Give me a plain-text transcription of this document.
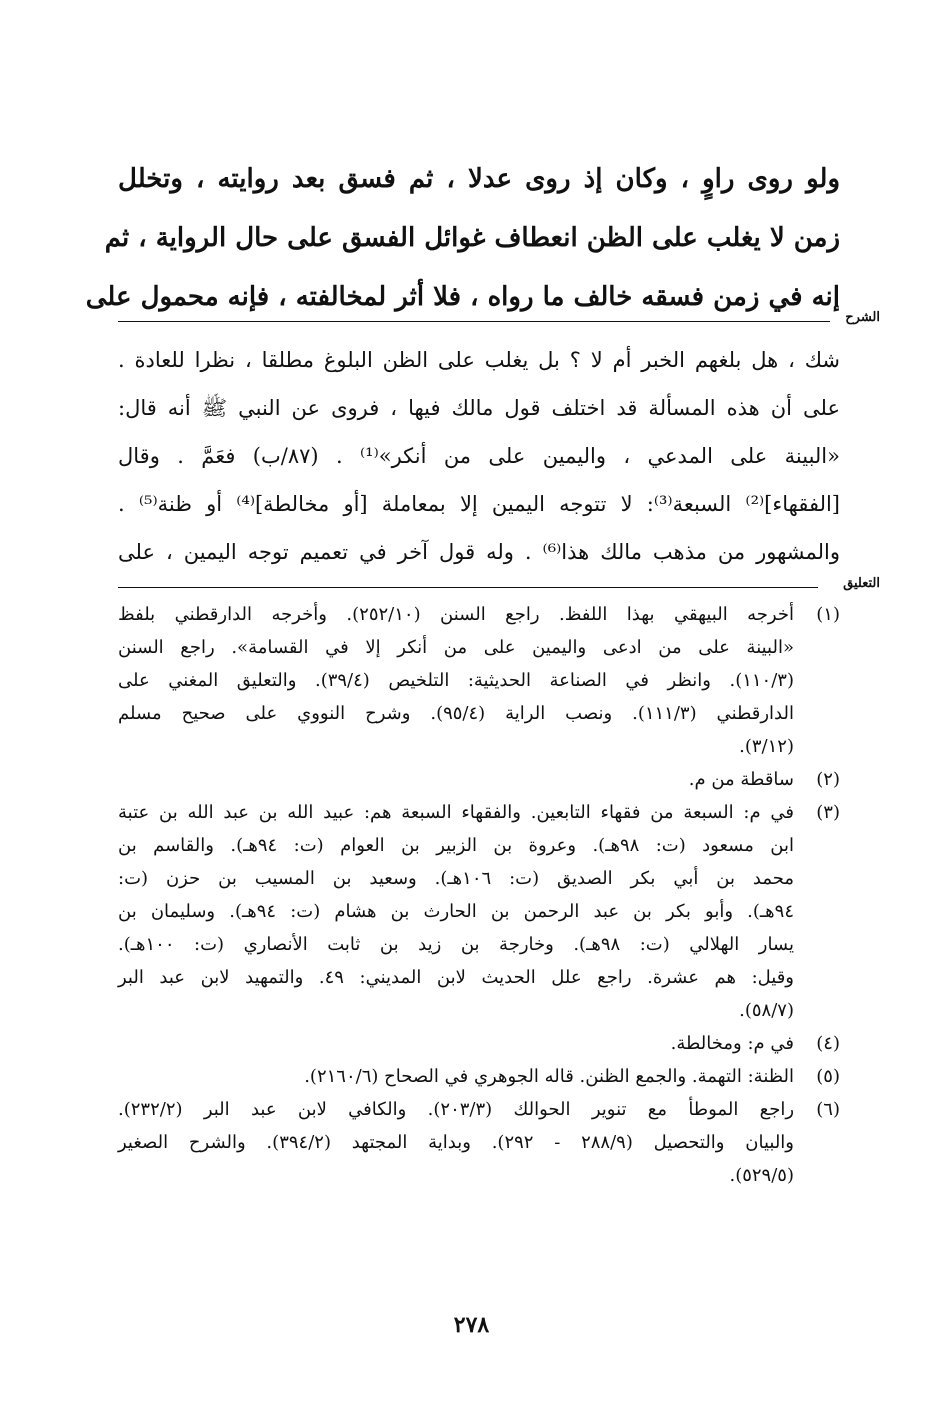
ولو روى راوٍ ، وكان إذ روى عدلا ، ثم فسق بعد روايته ، وتخلل
زمن لا يغلب على الظن انعطاف غوائل الفسق على حال الرواية ، ثم
إنه في زمن فسقه خالف ما رواه ، فلا أثر لمخالفته ، فإنه محمول على
الشرح
شك ، هل بلغهم الخبر أم لا ؟ بل يغلب على الظن البلوغ مطلقا ، نظرا للعادة .
على أن هذه المسألة قد اختلف قول مالك فيها ، فروى عن النبي ﷺ أنه قال:
«البينة على المدعي ، واليمين على من أنكر»⁽¹⁾ . (٨٧/ب) فعَمَّ . وقال
[الفقهاء]⁽²⁾ السبعة⁽³⁾: لا تتوجه اليمين إلا بمعاملة [أو مخالطة]⁽⁴⁾ أو ظنة⁽⁵⁾ .
والمشهور من مذهب مالك هذا⁽⁶⁾ . وله قول آخر في تعميم توجه اليمين ، على
التعليق
(١)
أخرجه البيهقي بهذا اللفظ. راجع السنن (٢٥٢/١٠). وأخرجه الدارقطني بلفظ
«البينة على من ادعى واليمين على من أنكر إلا في القسامة». راجع السنن
(١١٠/٣). وانظر في الصناعة الحديثية: التلخيص (٣٩/٤). والتعليق المغني على
الدارقطني (١١١/٣). ونصب الراية (٩٥/٤). وشرح النووي على صحيح مسلم
(٣/١٢).
(٢)
ساقطة من م.
(٣)
في م: السبعة من فقهاء التابعين. والفقهاء السبعة هم: عبيد الله بن عبد الله بن عتبة
ابن مسعود (ت: ٩٨هـ). وعروة بن الزبير بن العوام (ت: ٩٤هـ). والقاسم بن
محمد بن أبي بكر الصديق (ت: ١٠٦هـ). وسعيد بن المسيب بن حزن (ت:
٩٤هـ). وأبو بكر بن عبد الرحمن بن الحارث بن هشام (ت: ٩٤هـ). وسليمان بن
يسار الهلالي (ت: ٩٨هـ). وخارجة بن زيد بن ثابت الأنصاري (ت: ١٠٠هـ).
وقيل: هم عشرة. راجع علل الحديث لابن المديني: ٤٩. والتمهيد لابن عبد البر
(٥٨/٧).
(٤)
في م: ومخالطة.
(٥)
الظنة: التهمة. والجمع الظنن. قاله الجوهري في الصحاح (٢١٦٠/٦).
(٦)
راجع الموطأ مع تنوير الحوالك (٢٠٣/٣). والكافي لابن عبد البر (٢٣٢/٢).
والبيان والتحصيل (٢٨٨/٩ - ٢٩٢). وبداية المجتهد (٣٩٤/٢). والشرح الصغير
(٥٢٩/٥).
٢٧٨
